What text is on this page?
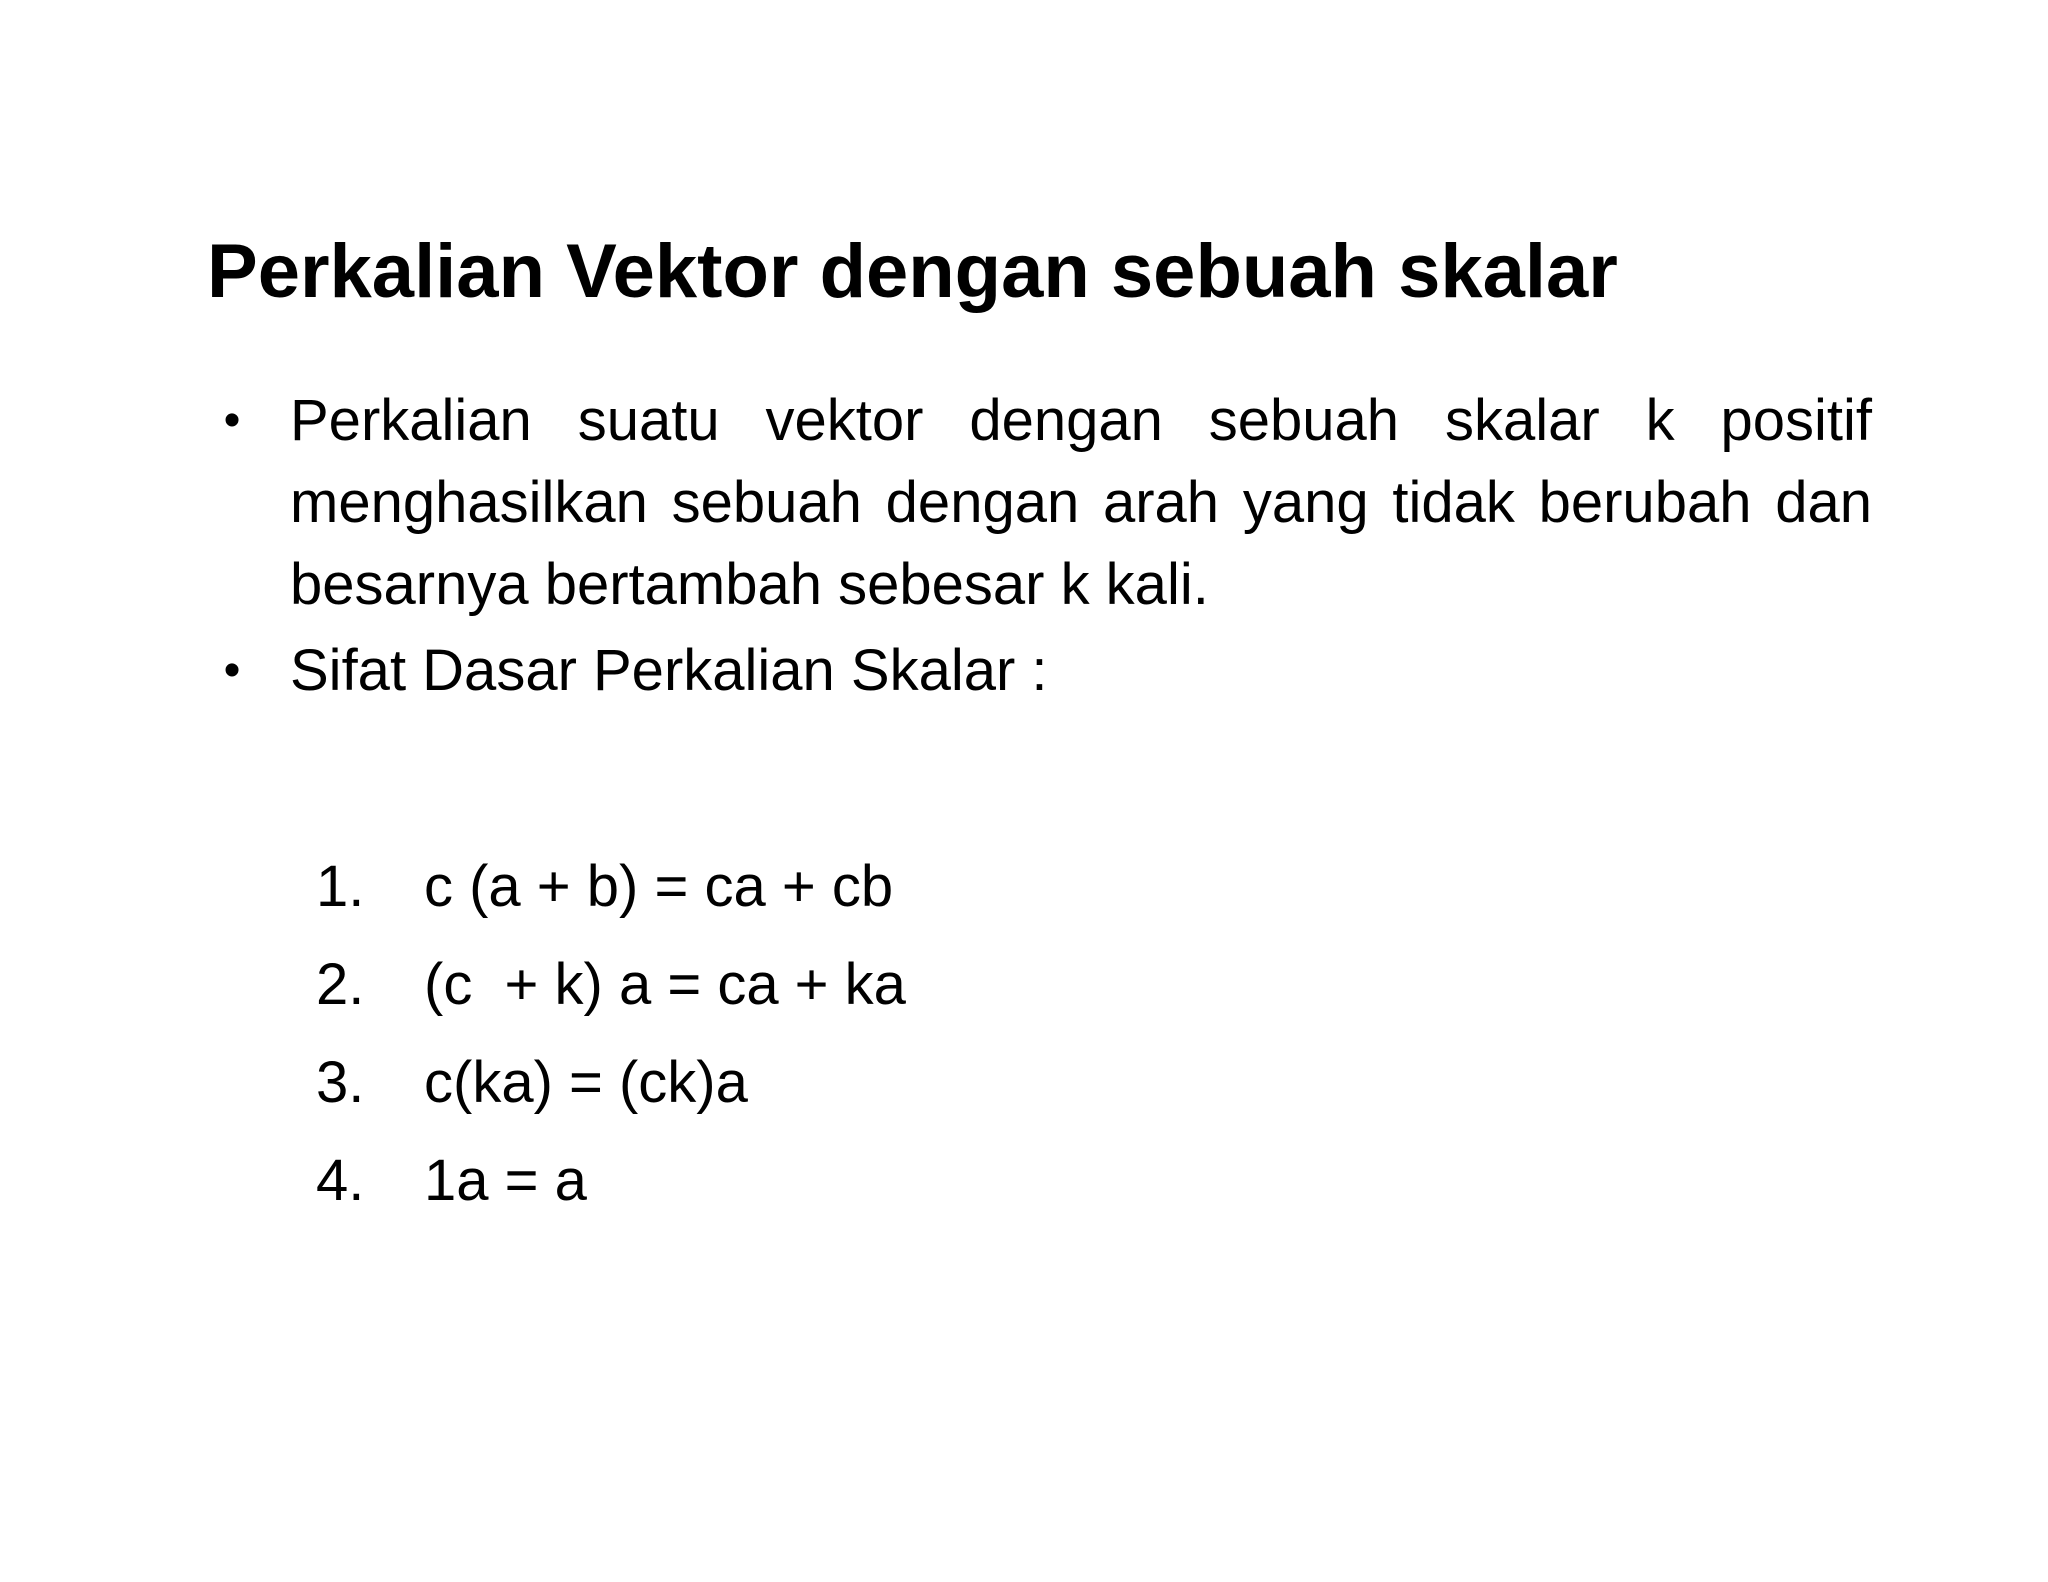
Perkalian Vektor dengan sebuah skalar
• Perkalian suatu vektor dengan sebuah skalar k positif menghasilkan sebuah dengan arah yang tidak berubah dan besarnya bertambah sebesar k kali.
• Sifat Dasar Perkalian Skalar :
1. c (a + b) = ca + cb
2. (c  + k) a = ca + ka
3. c(ka) = (ck)a
4. 1a = a
